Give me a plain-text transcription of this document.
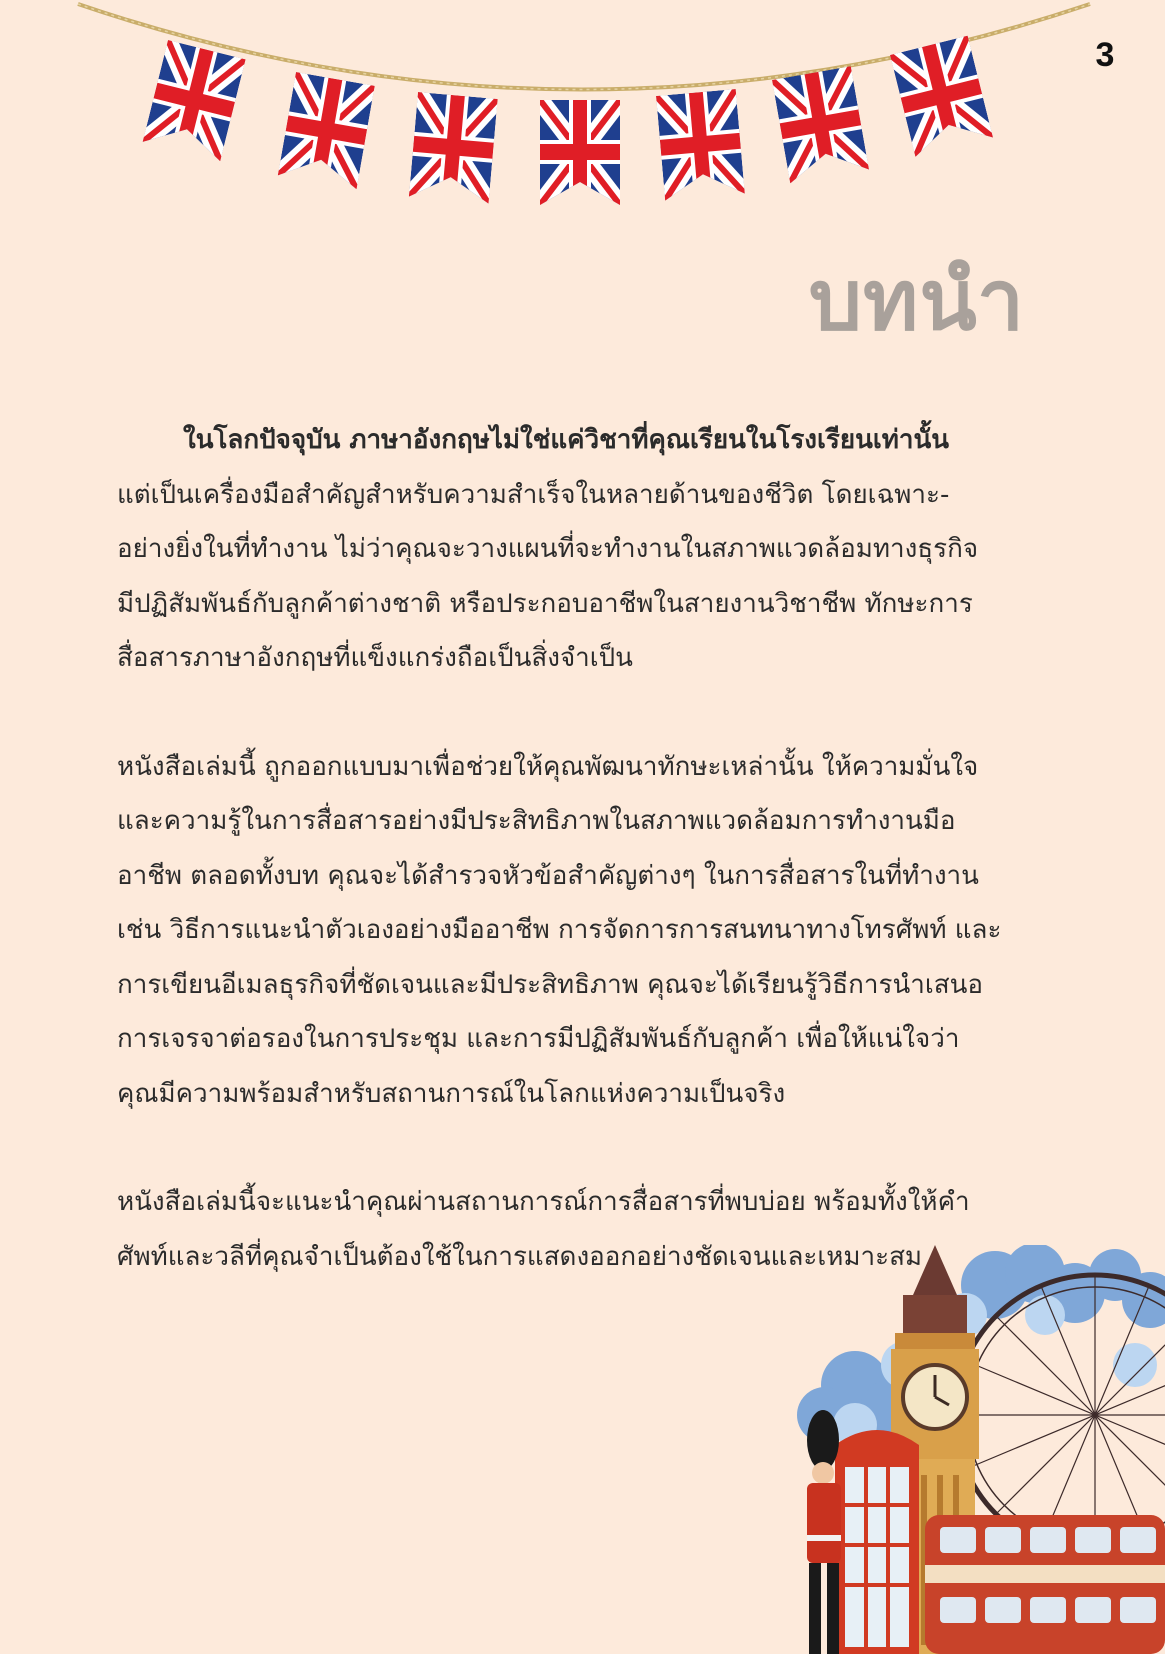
3
บทนำ

ในโลกปัจจุบัน ภาษาอังกฤษไม่ใช่แค่วิชาที่คุณเรียนในโรงเรียนเท่านั้น
แต่เป็นเครื่องมือสำคัญสำหรับความสำเร็จในหลายด้านของชีวิต โดยเฉพาะ-
อย่างยิ่งในที่ทำงาน ไม่ว่าคุณจะวางแผนที่จะทำงานในสภาพแวดล้อมทางธุรกิจ
มีปฏิสัมพันธ์กับลูกค้าต่างชาติ หรือประกอบอาชีพในสายงานวิชาชีพ ทักษะการ
สื่อสารภาษาอังกฤษที่แข็งแกร่งถือเป็นสิ่งจำเป็น

หนังสือเล่มนี้ ถูกออกแบบมาเพื่อช่วยให้คุณพัฒนาทักษะเหล่านั้น ให้ความมั่นใจ
และความรู้ในการสื่อสารอย่างมีประสิทธิภาพในสภาพแวดล้อมการทำงานมือ
อาชีพ ตลอดทั้งบท คุณจะได้สำรวจหัวข้อสำคัญต่างๆ ในการสื่อสารในที่ทำงาน
เช่น วิธีการแนะนำตัวเองอย่างมืออาชีพ การจัดการการสนทนาทางโทรศัพท์ และ
การเขียนอีเมลธุรกิจที่ชัดเจนและมีประสิทธิภาพ คุณจะได้เรียนรู้วิธีการนำเสนอ
การเจรจาต่อรองในการประชุม และการมีปฏิสัมพันธ์กับลูกค้า เพื่อให้แน่ใจว่า
คุณมีความพร้อมสำหรับสถานการณ์ในโลกแห่งความเป็นจริง

หนังสือเล่มนี้จะแนะนำคุณผ่านสถานการณ์การสื่อสารที่พบบ่อย พร้อมทั้งให้คำ
ศัพท์และวลีที่คุณจำเป็นต้องใช้ในการแสดงออกอย่างชัดเจนและเหมาะสม
